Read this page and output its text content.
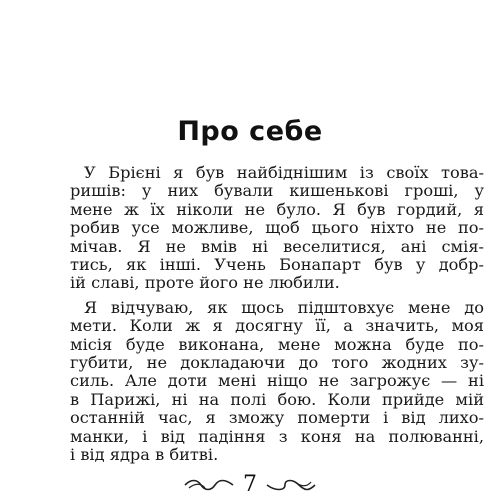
Про себе
У Брієні я був найбіднішим із своїх това-
ришів: у них бували кишенькові гроші, у
мене ж їх ніколи не було. Я був гордий, я
робив усе можливе, щоб цього ніхто не по-
мічав. Я не вмів ні веселитися, ані смія-
тись, як інші. Учень Бонапарт був у добр-
ій славі, проте його не любили.
Я відчуваю, як щось підштовхує мене до
мети. Коли ж я досягну її, а значить, моя
місія буде виконана, мене можна буде по-
губити, не докладаючи до того жодних зу-
силь. Але доти мені ніщо не загрожує — ні
в Парижі, ні на полі бою. Коли прийде мій
останній час, я зможу померти і від лихо-
манки, і від падіння з коня на полюванні,
і від ядра в битві.
7
